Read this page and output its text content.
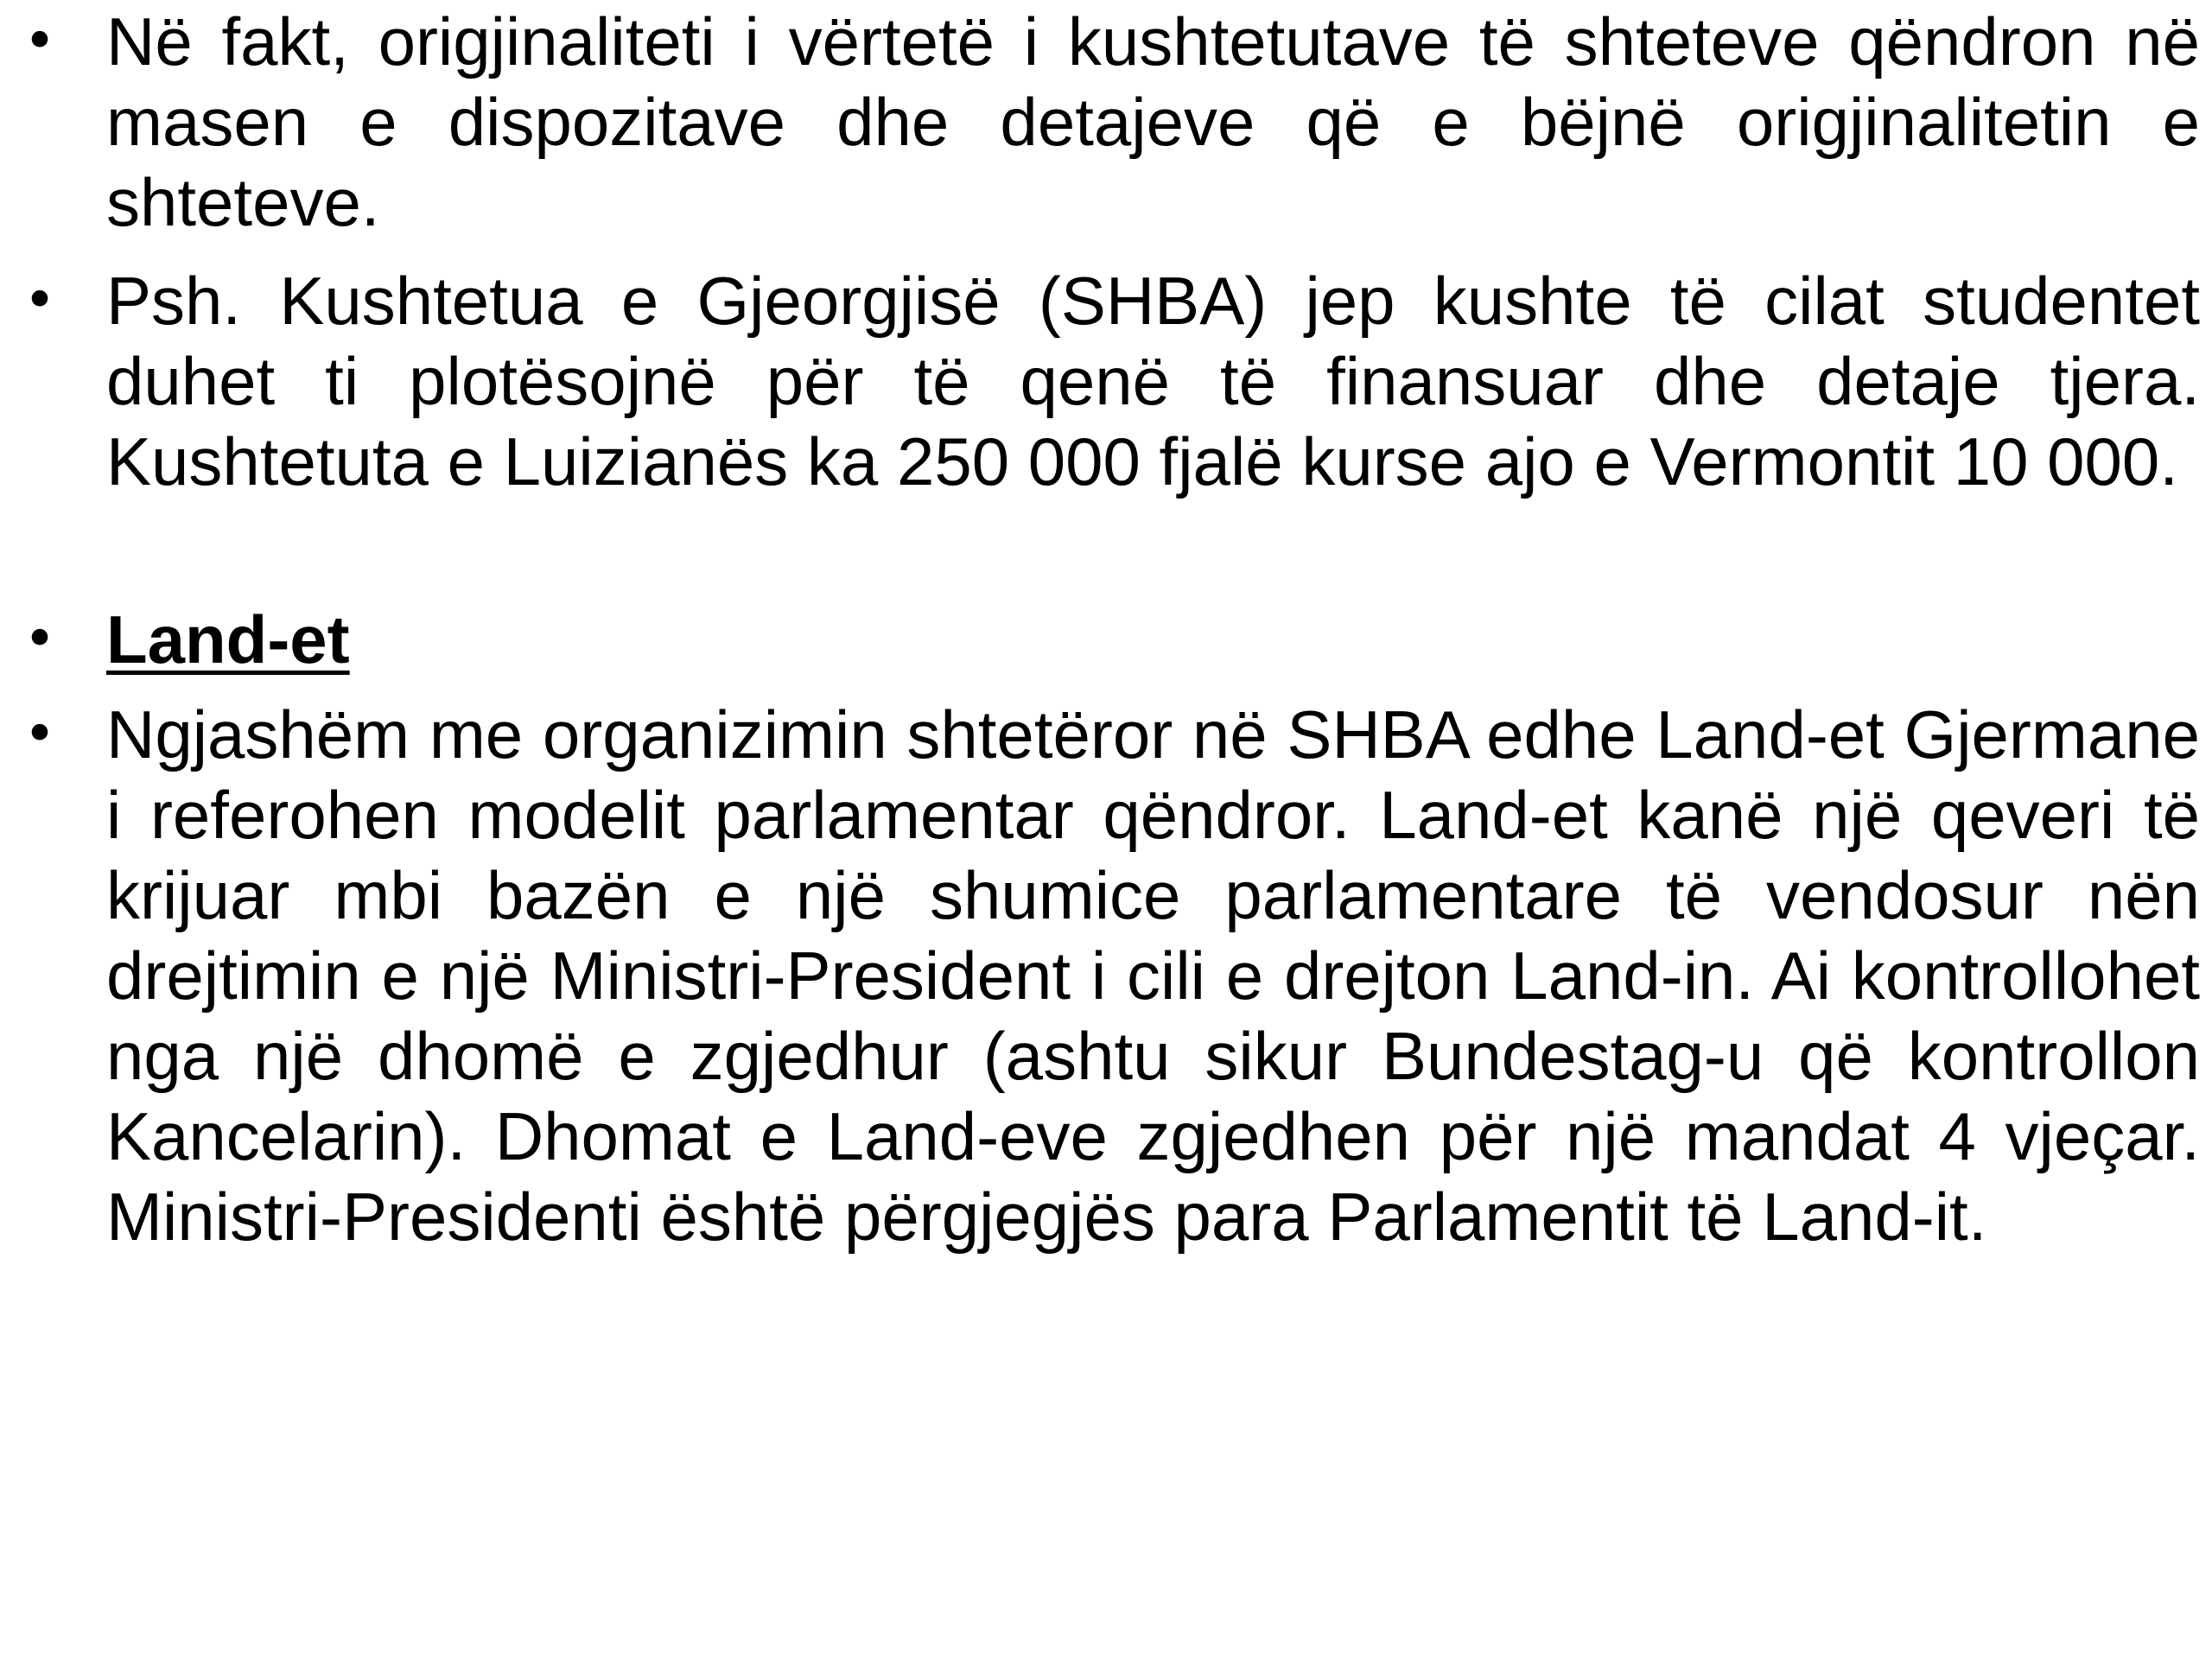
• Në fakt, origjinaliteti i vërtetë i kushtetutave të shteteve qëndron në masen e dispozitave dhe detajeve që e bëjnë origjinalitetin e shteteve.
• Psh. Kushtetua e Gjeorgjisë (SHBA) jep kushte të cilat studentet duhet ti plotësojnë për të qenë të finansuar dhe detaje tjera. Kushtetuta e Luizianës ka 250 000 fjalë kurse ajo e Vermontit 10 000.
• Land-et
• Ngjashëm me organizimin shtetëror në SHBA edhe Land-et Gjermane i referohen modelit parlamentar qëndror. Land-et kanë një qeveri të krijuar mbi bazën e një shumice parlamentare të vendosur nën drejtimin e një Ministri-President i cili e drejton Land-in. Ai kontrollohet nga një dhomë e zgjedhur (ashtu sikur Bundestag-u që kontrollon Kancelarin). Dhomat e Land-eve zgjedhen për një mandat 4 vjeçar. Ministri-Presidenti është përgjegjës para Parlamentit të Land-it.
